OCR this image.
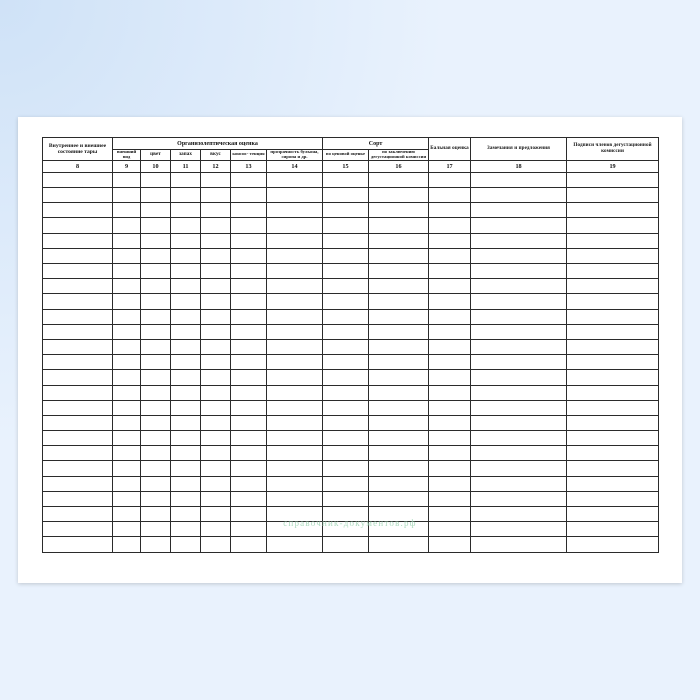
Внутреннее и внешнее состояние тары	Организолептическая оценка						Сорт		Бальная оценка	Замечания и предложения	Подписи членов дегустационной комиссии
	внешний вид	цвет	запах	вкус	консис- тенция	прозрачность бульона, сиропа и др.	по ценовой оценке	по заключению дегустационной комиссии			
8	9	10	11	12	13	14	15	16	17	18	19

справочник-документов.рф
